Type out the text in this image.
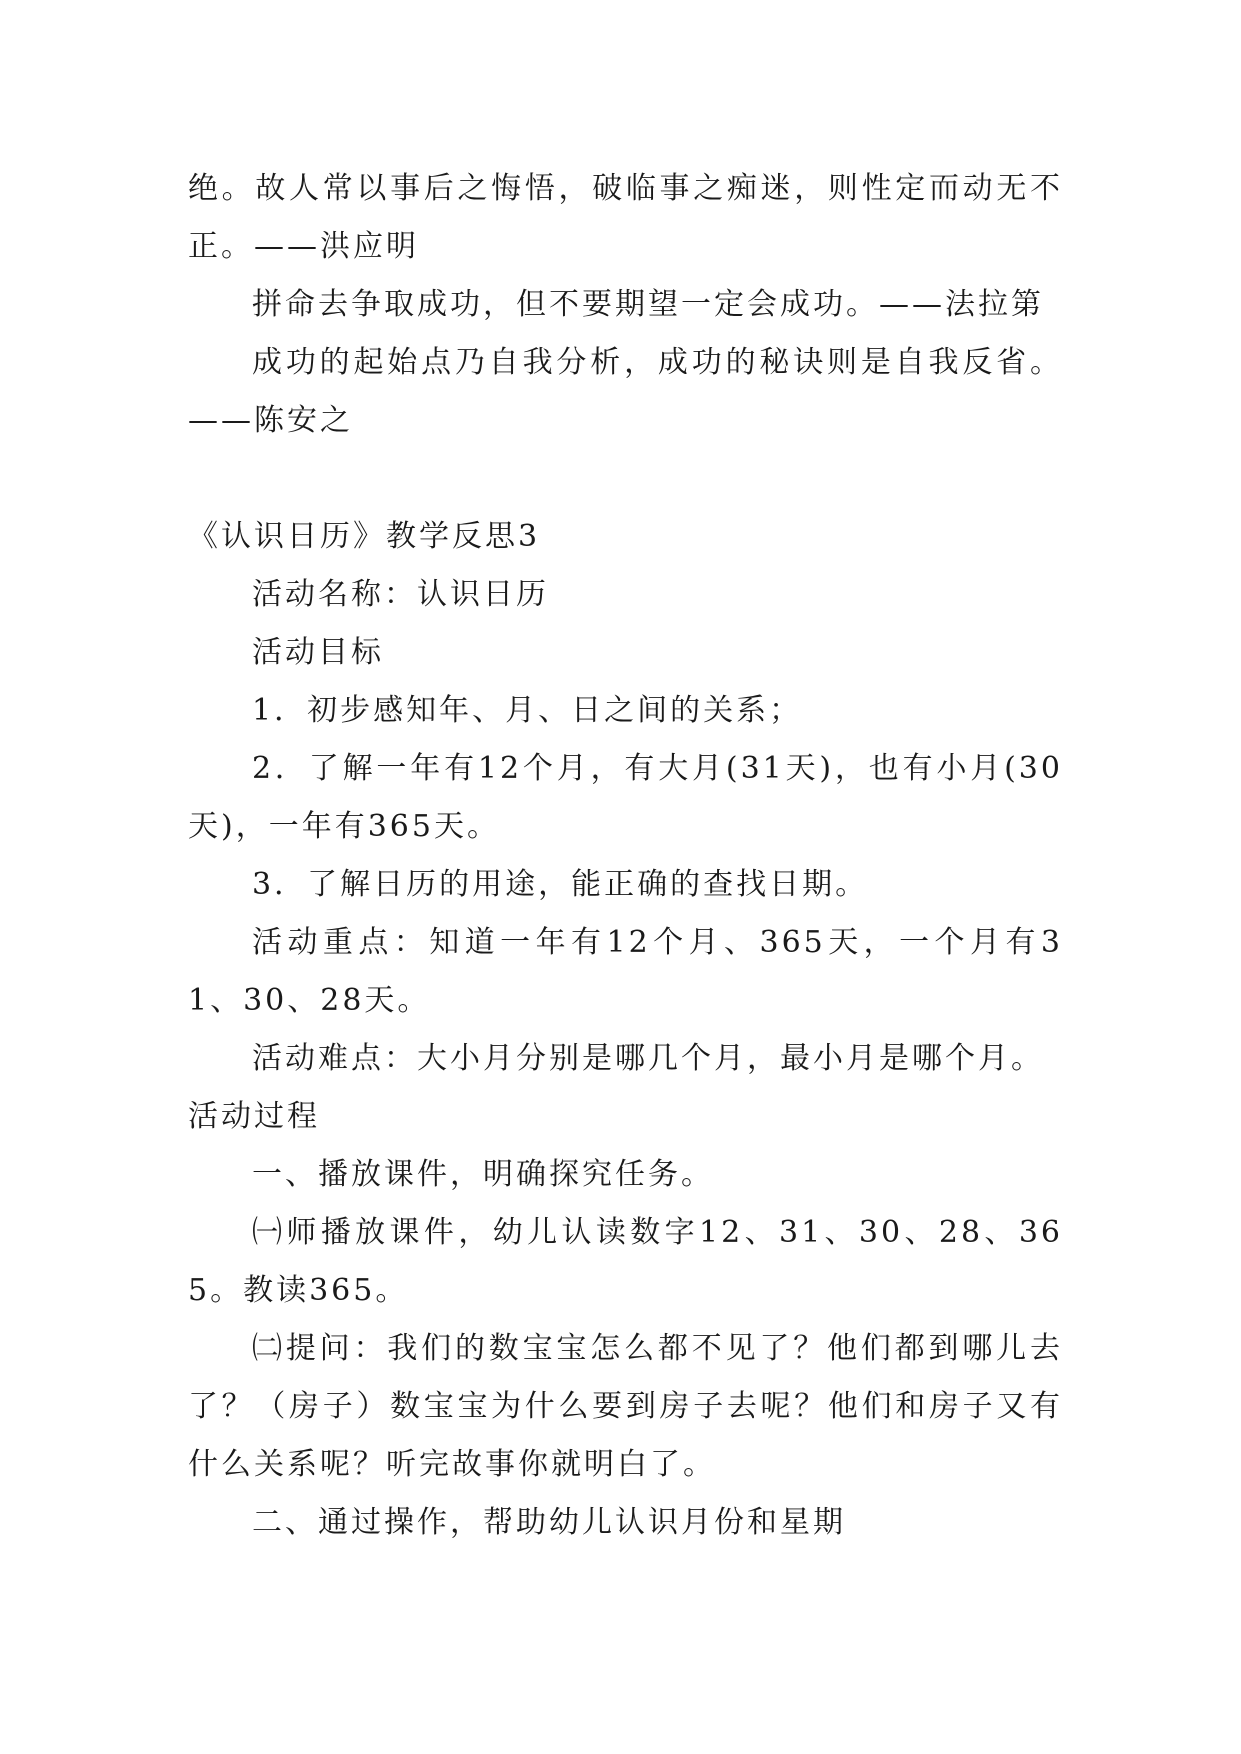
绝。故人常以事后之悔悟，破临事之痴迷，则性定而动无不正。——洪应明

拼命去争取成功，但不要期望一定会成功。——法拉第

成功的起始点乃自我分析，成功的秘诀则是自我反省。——陈安之

《认识日历》教学反思3

活动名称：认识日历

活动目标

1．初步感知年、月、日之间的关系；

2．了解一年有12个月，有大月(31天)，也有小月(30天)，一年有365天。

3．了解日历的用途，能正确的查找日期。

活动重点：知道一年有12个月、365天，一个月有31、30、28天。

活动难点：大小月分别是哪几个月，最小月是哪个月。

活动过程

一、播放课件，明确探究任务。

㈠师播放课件，幼儿认读数字12、31、30、28、365。教读365。

㈡提问：我们的数宝宝怎么都不见了？他们都到哪儿去了？（房子）数宝宝为什么要到房子去呢？他们和房子又有什么关系呢？听完故事你就明白了。

二、通过操作，帮助幼儿认识月份和星期
